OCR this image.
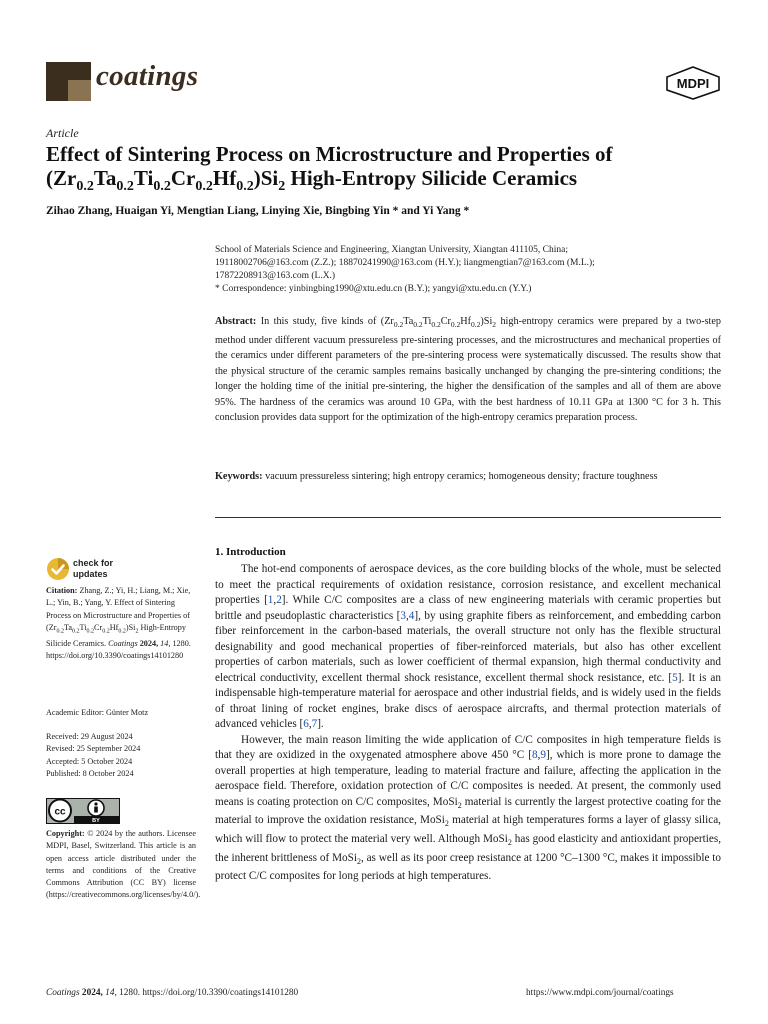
coatings	MDPI
Article
Effect of Sintering Process on Microstructure and Properties of
$(Zr_{0.2}Ta_{0.2}Ti_{0.2}Cr_{0.2}Hf_{0.2})Si_2$ High-Entropy Silicide Ceramics
Zihao Zhang, Huaigan Yi, Mengtian Liang, Linying Xie, Bingbing Yin * and Yi Yang *
School of Materials Science and Engineering, Xiangtan University, Xiangtan 411105, China;
19118002706@163.com (Z.Z.); 18870241990@163.com (H.Y.); liangmengtian7@163.com (M.L.);
17872208913@163.com (L.X.)
* Correspondence: yinbingbing1990@xtu.edu.cn (B.Y.); yangyi@xtu.edu.cn (Y.Y.)
Abstract: In this study, five kinds of $(Zr_{0.2}Ta_{0.2}Ti_{0.2}Cr_{0.2}Hf_{0.2})Si_2$ high-entropy ceramics were prepared by a two-step method under different vacuum pressureless pre-sintering processes, and the microstructures and mechanical properties of the ceramics under different parameters of the pre-sintering process were systematically discussed. The results show that the physical structure of the ceramic samples remains basically unchanged by changing the pre-sintering conditions; the longer the holding time of the initial pre-sintering, the higher the densification of the samples and all of them are above 95%. The hardness of the ceramics was around 10 GPa, with the best hardness of 10.11 GPa at 1300 °C for 3 h. This conclusion provides data support for the optimization of the high-entropy ceramics preparation process.
Keywords: vacuum pressureless sintering; high entropy ceramics; homogeneous density; fracture toughness
check for
updates
Citation: Zhang, Z.; Yi, H.; Liang, M.; Xie, L.; Yin, B.; Yang, Y. Effect of Sintering Process on Microstructure and Properties of $(Zr_{0.2}Ta_{0.2}Ti_{0.2}Cr_{0.2}Hf_{0.2})Si_2$ High-Entropy Silicide Ceramics. Coatings 2024, 14, 1280. https://doi.org/10.3390/coatings14101280
Academic Editor: Günter Motz
Received: 29 August 2024
Revised: 25 September 2024
Accepted: 5 October 2024
Published: 8 October 2024
cc
BY
Copyright: © 2024 by the authors. Licensee MDPI, Basel, Switzerland. This article is an open access article distributed under the terms and conditions of the Creative Commons Attribution (CC BY) license (https://creativecommons.org/licenses/by/4.0/).
1. Introduction

The hot-end components of aerospace devices, as the core building blocks of the whole, must be selected to meet the practical requirements of oxidation resistance, corrosion resistance, and excellent mechanical properties [1,2]. While C/C composites are a class of new engineering materials with ceramic properties but brittle and pseudoplastic characteristics [3,4], by using graphite fibers as reinforcement, and embedding carbon fiber reinforcement in the carbon-based materials, the overall structure not only has the flexible structural designability and good mechanical properties of fiber-reinforced materials, but also has other excellent properties of carbon materials, such as lower coefficient of thermal expansion, high thermal conductivity and electrical conductivity, excellent thermal shock resistance, excellent thermal shock resistance, etc. [5]. It is an indispensable high-temperature material for aerospace and other industrial fields, and is widely used in the fields of throat lining of rocket engines, brake discs of aerospace aircrafts, and thermal protection materials of advanced vehicles [6,7].

However, the main reason limiting the wide application of C/C composites in high temperature fields is that they are oxidized in the oxygenated atmosphere above 450 °C [8,9], which is more prone to damage the overall properties at high temperature, leading to material fracture and failure, affecting the application in the aerospace field. Therefore, oxidation protection of C/C composites is needed. At present, the commonly used means is coating protection on C/C composites, MoSi$_2$ material is currently the largest protective coating for the material to improve the oxidation resistance, MoSi$_2$ material at high temperatures forms a layer of glassy silica, which will flow to protect the material very well. Although MoSi$_2$ has good elasticity and antioxidant properties, the inherent brittleness of MoSi$_2$, as well as its poor creep resistance at 1200 °C–1300 °C, makes it impossible to protect C/C composites for long periods at high temperatures.

Coatings 2024, 14, 1280. https://doi.org/10.3390/coatings14101280	https://www.mdpi.com/journal/coatings
